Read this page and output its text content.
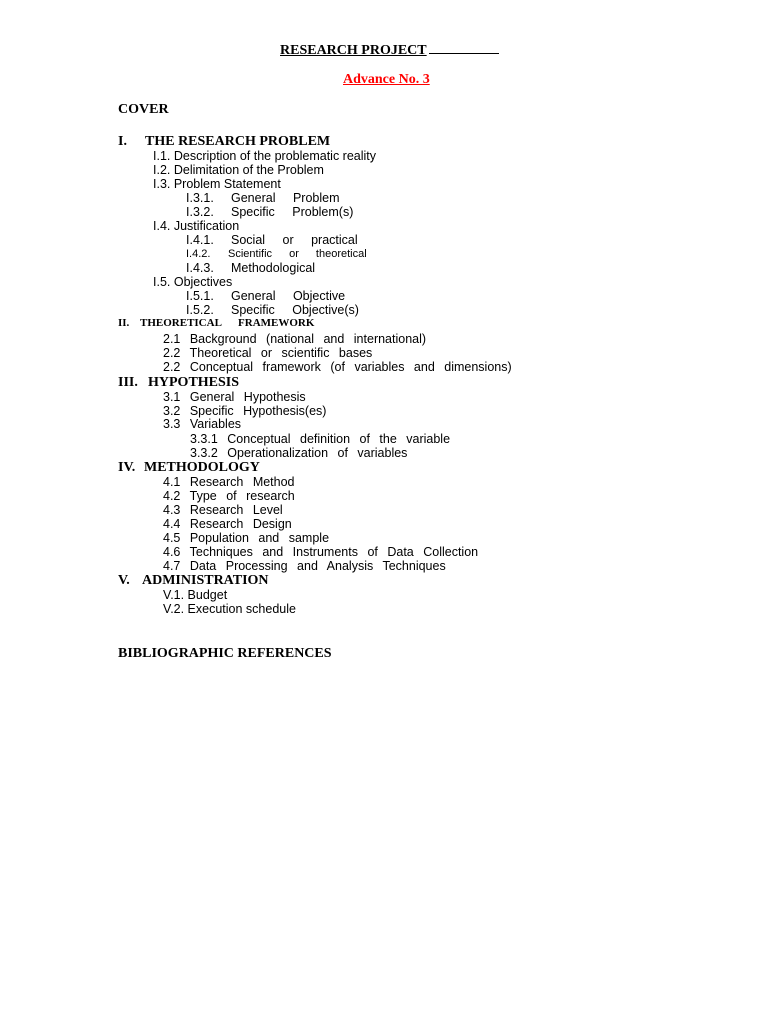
RESEARCH PROJECT
Advance No. 3
COVER
I. THE RESEARCH PROBLEM
I.1. Description of the problematic reality
I.2. Delimitation of the Problem
I.3. Problem Statement
I.3.1. General Problem
I.3.2. Specific Problem(s)
I.4. Justification
I.4.1. Social or practical
I.4.2. Scientific or theoretical
I.4.3. Methodological
I.5. Objectives
I.5.1. General Objective
I.5.2. Specific Objective(s)
II. THEORETICAL FRAMEWORK
2.1 Background (national and international)
2.2 Theoretical or scientific bases
2.2 Conceptual framework (of variables and dimensions)
III. HYPOTHESIS
3.1 General Hypothesis
3.2 Specific Hypothesis(es)
3.3 Variables
3.3.1 Conceptual definition of the variable
3.3.2 Operationalization of variables
IV. METHODOLOGY
4.1 Research Method
4.2 Type of research
4.3 Research Level
4.4 Research Design
4.5 Population and sample
4.6 Techniques and Instruments of Data Collection
4.7 Data Processing and Analysis Techniques
V. ADMINISTRATION
V.1. Budget
V.2. Execution schedule
BIBLIOGRAPHIC REFERENCES
